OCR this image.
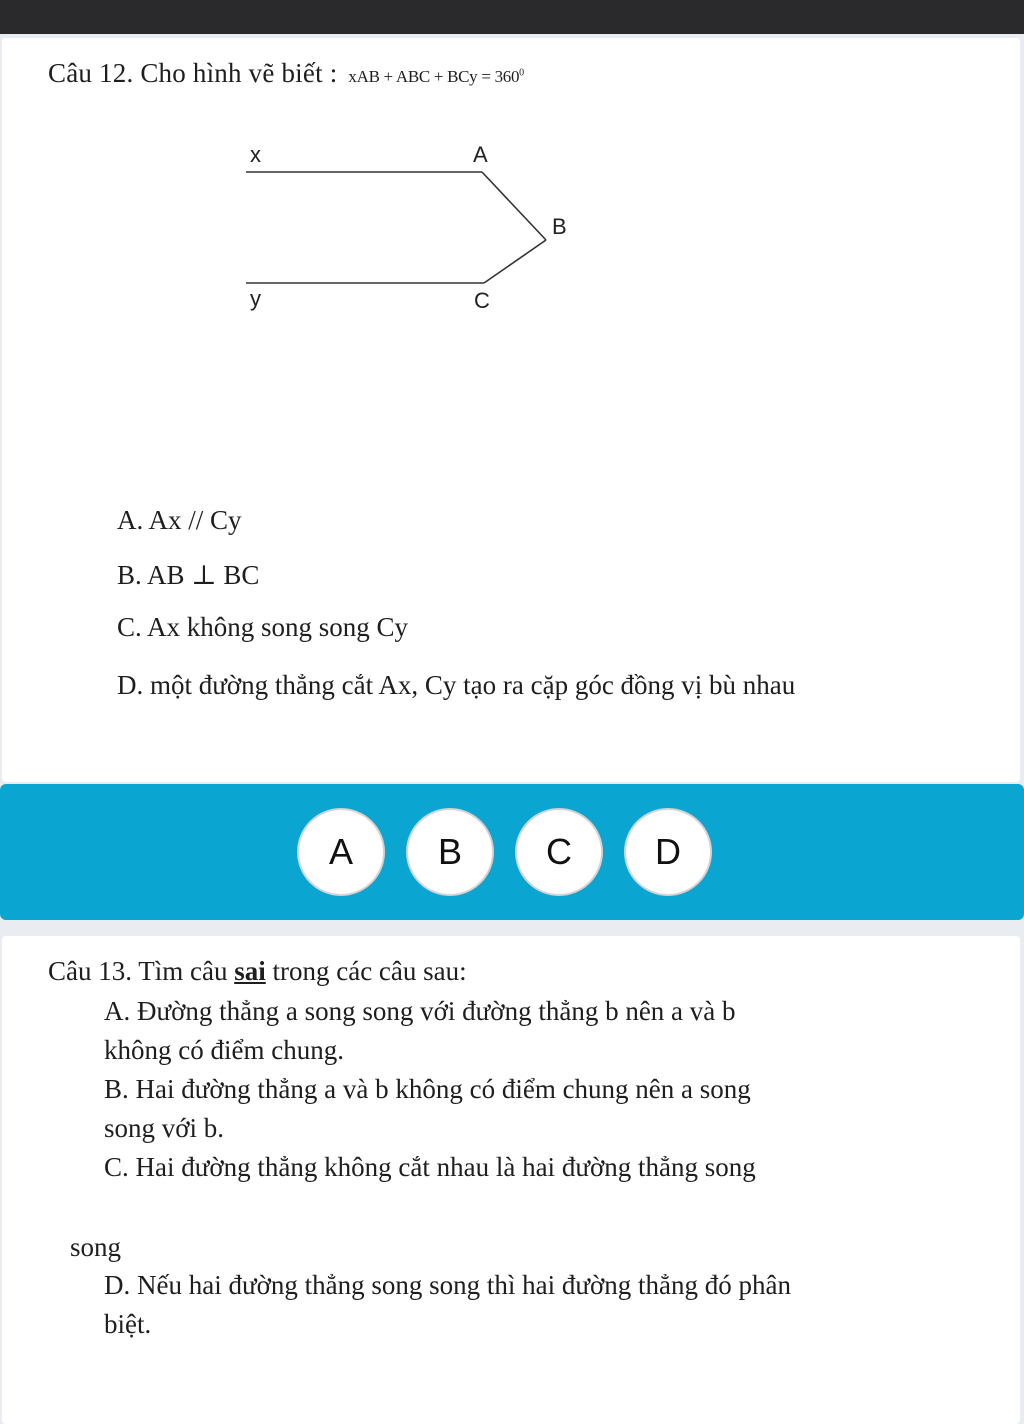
Câu 12. Cho hình vẽ biết : xAB + ABC + BCy = $360^0$
x	A
B
y	C
A. Ax // Cy
B. AB ⊥ BC
C. Ax không song song Cy
D. một đường thẳng cắt Ax, Cy tạo ra cặp góc đồng vị bù nhau
A	B	C	D
Câu 13. Tìm câu sai trong các câu sau:
A. Đường thẳng a song song với đường thẳng b nên a và b
không có điểm chung.
B. Hai đường thẳng a và b không có điểm chung nên a song
song với b.
C. Hai đường thẳng không cắt nhau là hai đường thẳng song
song
D. Nếu hai đường thẳng song song thì hai đường thẳng đó phân
biệt.
